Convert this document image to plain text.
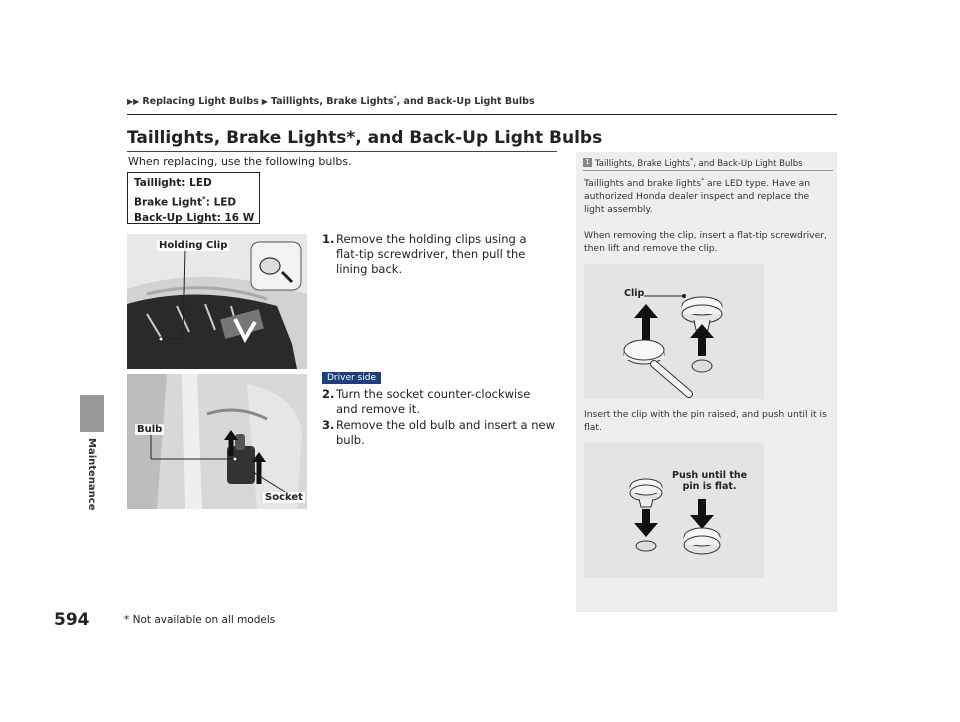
▶▶ Replacing Light Bulbs ▶ Taillights, Brake Lights*, and Back-Up Light Bulbs
Maintenance
594
Taillights, Brake Lights*, and Back-Up Light Bulbs
When replacing, use the following bulbs.
Taillight: LED
Brake Light*: LED
Back-Up Light: 16 W
Holding Clip
Bulb
Socket
1. Remove the holding clips using a flat-tip screwdriver, then pull the lining back.
Driver side
2. Turn the socket counter-clockwise and remove it.
3. Remove the old bulb and insert a new bulb.
1 Taillights, Brake Lights*, and Back-Up Light Bulbs
Taillights and brake lights* are LED type. Have an authorized Honda dealer inspect and replace the light assembly.
When removing the clip, insert a flat-tip screwdriver, then lift and remove the clip.
Clip
Insert the clip with the pin raised, and push until it is flat.
Push until the
pin is flat.
* Not available on all models
